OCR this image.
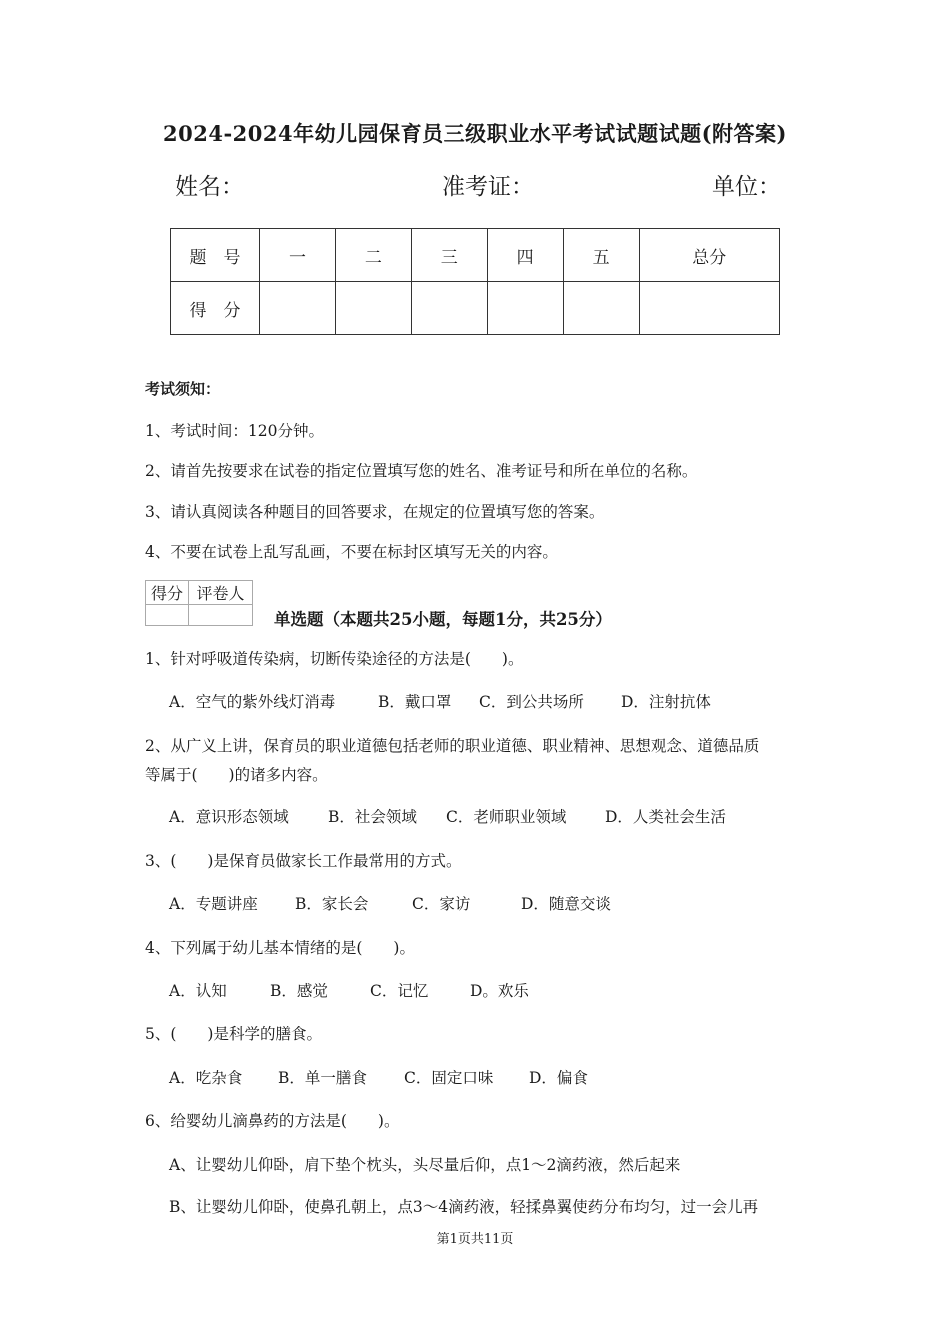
2024-2024年幼儿园保育员三级职业水平考试试题试题(附答案)
姓名：	准考证：	单位：
题　号	一	二	三	四	五	总分
得　分						
考试须知：
1、考试时间：120分钟。
2、请首先按要求在试卷的指定位置填写您的姓名、准考证号和所在单位的名称。
3、请认真阅读各种题目的回答要求，在规定的位置填写您的答案。
4、不要在试卷上乱写乱画，不要在标封区填写无关的内容。
得分	评卷人

单选题（本题共25小题，每题1分，共25分）
1、针对呼吸道传染病，切断传染途径的方法是(　　)。
A．空气的紫外线灯消毒	B．戴口罩 C．到公共场所 D．注射抗体
2、从广义上讲，保育员的职业道德包括老师的职业道德、职业精神、思想观念、道德品质
等属于(　　)的诸多内容。
A．意识形态领域	B．社会领域 C．老师职业领域 D．人类社会生活
3、(　　)是保育员做家长工作最常用的方式。
A．专题讲座 B．家长会	C．家访	D．随意交谈
4、下列属于幼儿基本情绪的是(　　)。
A．认知	B．感觉	C．记忆	D。欢乐
5、(　　)是科学的膳食。
A．吃杂食 B．单一膳食 C．固定口味 D．偏食
6、给婴幼儿滴鼻药的方法是(　　)。
A、让婴幼儿仰卧，肩下垫个枕头，头尽量后仰，点1～2滴药液，然后起来
B、让婴幼儿仰卧，使鼻孔朝上，点3～4滴药液，轻揉鼻翼使药分布均匀，过一会儿再
第1页共11页
